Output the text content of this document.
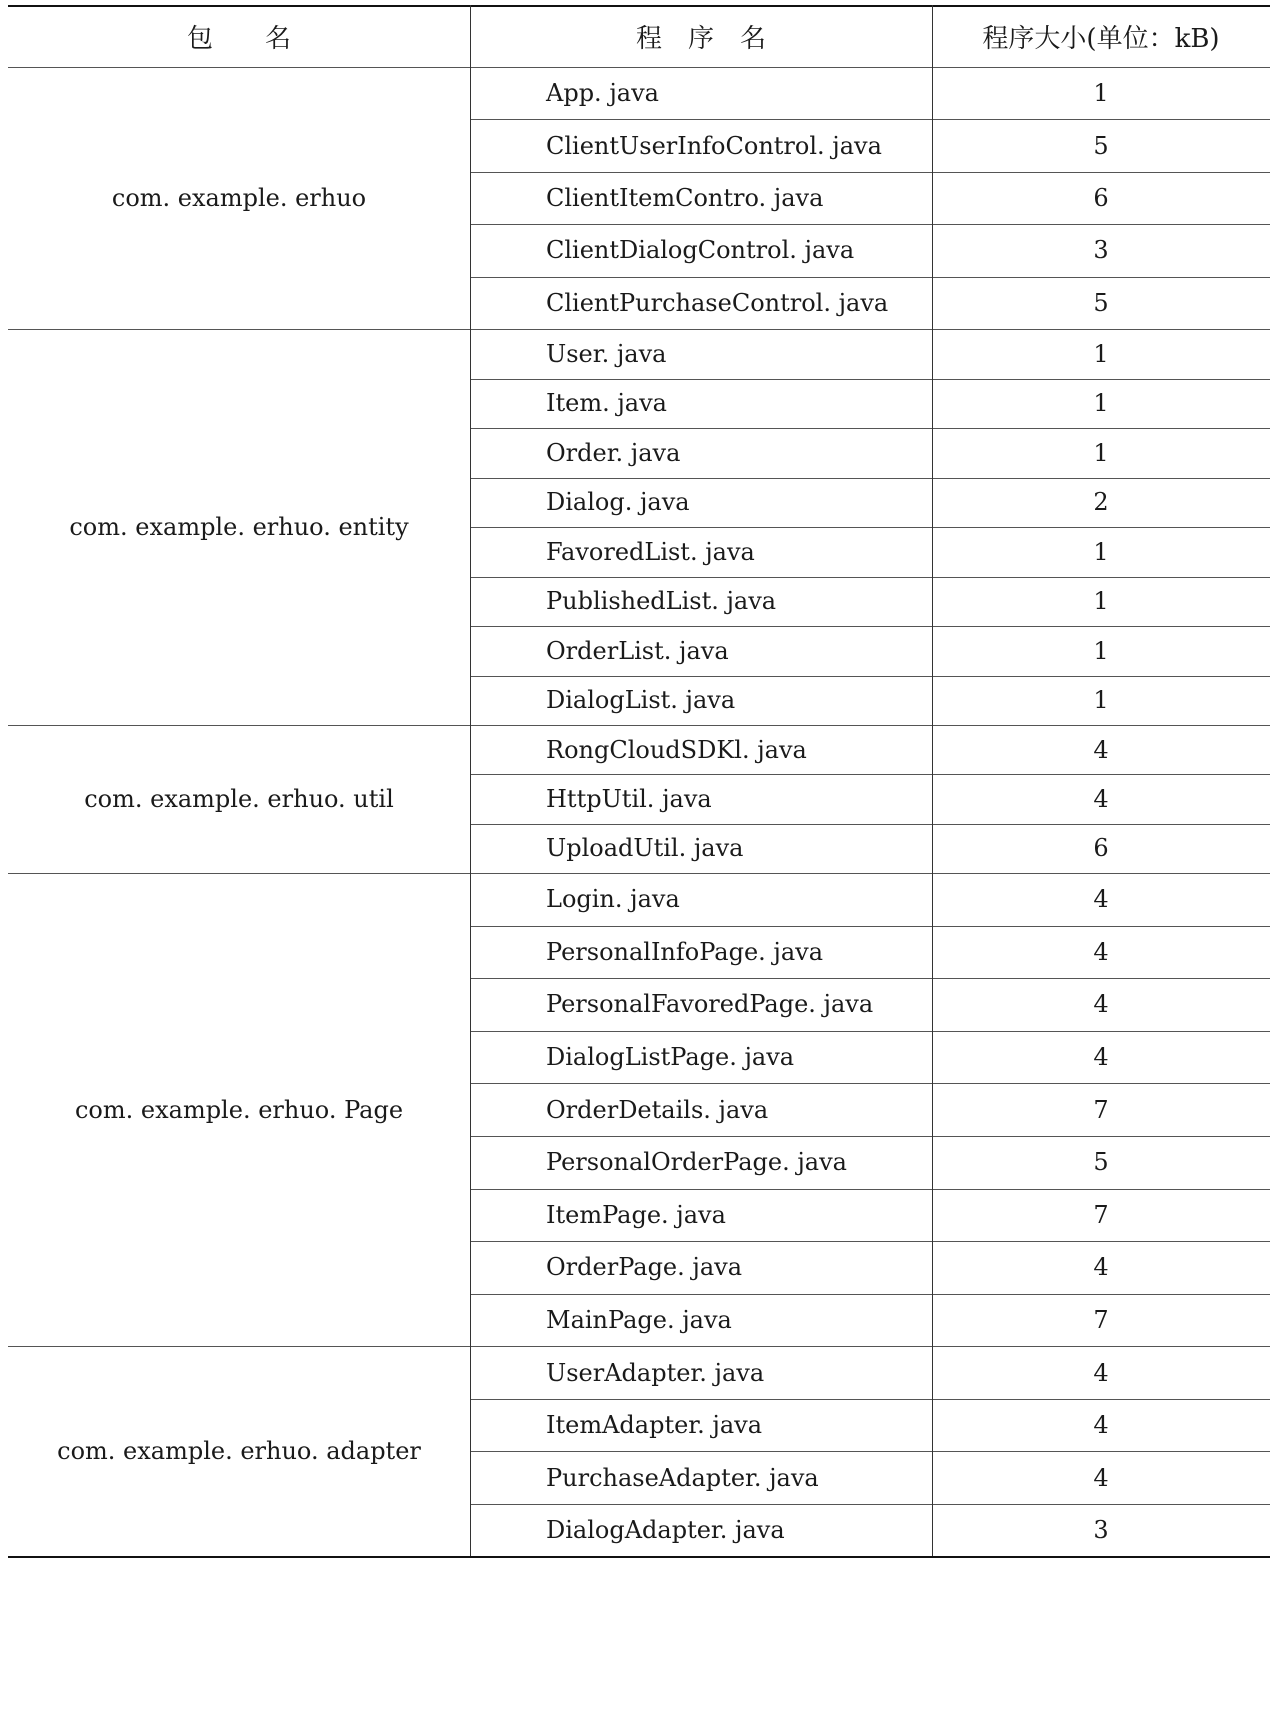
包　　名	程　序　名	程序大小(单位：kB)
com. example. erhuo
App. java	1
ClientUserInfoControl. java	5
ClientItemContro. java	6
ClientDialogControl. java	3
ClientPurchaseControl. java	5
com. example. erhuo. entity
User. java	1
Item. java	1
Order. java	1
Dialog. java	2
FavoredList. java	1
PublishedList. java	1
OrderList. java	1
DialogList. java	1
com. example. erhuo. util
RongCloudSDKl. java	4
HttpUtil. java	4
UploadUtil. java	6
com. example. erhuo. Page
Login. java	4
PersonalInfoPage. java	4
PersonalFavoredPage. java	4
DialogListPage. java	4
OrderDetails. java	7
PersonalOrderPage. java	5
ItemPage. java	7
OrderPage. java	4
MainPage. java	7
com. example. erhuo. adapter
UserAdapter. java	4
ItemAdapter. java	4
PurchaseAdapter. java	4
DialogAdapter. java	3
